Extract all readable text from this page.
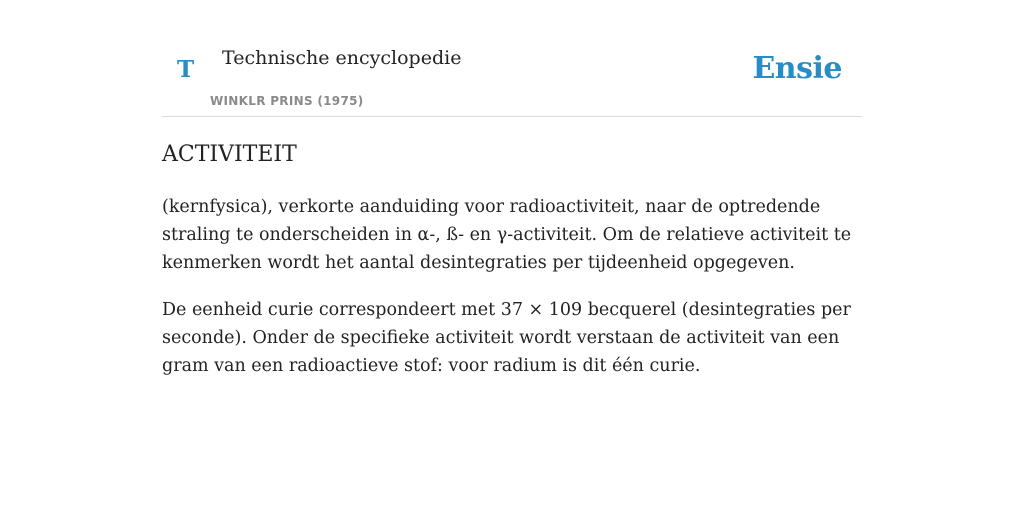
T Technische encyclopedie
WINKLR PRINS (1975)
Ensie
ACTIVITEIT

(kernfysica), verkorte aanduiding voor radioactiviteit, naar de optredende straling te onderscheiden in α-, ß- en γ-activiteit. Om de relatieve activiteit te kenmerken wordt het aantal desintegraties per tijdeenheid opgegeven.

De eenheid curie correspondeert met 37 × 109 becquerel (desintegraties per seconde). Onder de specifieke activiteit wordt verstaan de activiteit van een gram van een radioactieve stof: voor radium is dit één curie.
